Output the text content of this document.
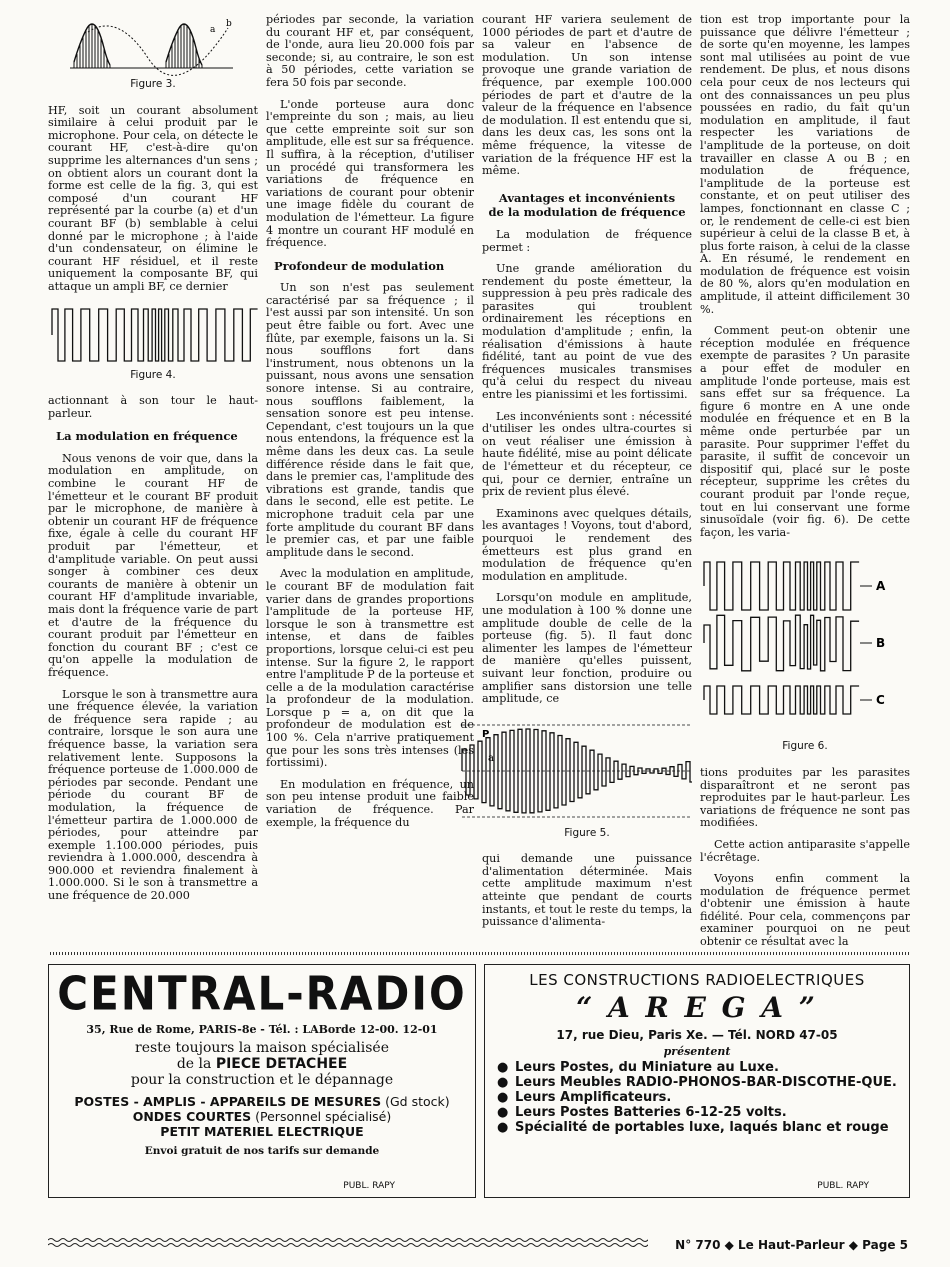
a
b
Figure 3.

HF, soit un courant absolument similaire à celui produit par le microphone. Pour cela, on détecte le courant HF, c'est-à-dire qu'on supprime les alternances d'un sens ; on obtient alors un courant dont la forme est celle de la fig. 3, qui est composé d'un courant HF représenté par la courbe (a) et d'un courant BF (b) semblable à celui donné par le microphone ; à l'aide d'un condensateur, on élimine le courant HF résiduel, et il reste uniquement la composante BF, qui attaque un ampli BF, ce dernier

Figure 4.

actionnant à son tour le haut-parleur.

La modulation en fréquence

Nous venons de voir que, dans la modulation en amplitude, on combine le courant HF de l'émetteur et le courant BF produit par le microphone, de manière à obtenir un courant HF de fréquence fixe, égale à celle du courant HF produit par l'émetteur, et d'amplitude variable. On peut aussi songer à combiner ces deux courants de manière à obtenir un courant HF d'amplitude invariable, mais dont la fréquence varie de part et d'autre de la fréquence du courant produit par l'émetteur en fonction du courant BF ; c'est ce qu'on appelle la modulation de fréquence.

Lorsque le son à transmettre aura une fréquence élevée, la variation de fréquence sera rapide ; au contraire, lorsque le son aura une fréquence basse, la variation sera relativement lente. Supposons la fréquence porteuse de 1.000.000 de périodes par seconde. Pendant une période du courant BF de modulation, la fréquence de l'émetteur partira de 1.000.000 de périodes, pour atteindre par exemple 1.100.000 périodes, puis reviendra à 1.000.000, descendra à 900.000 et reviendra finalement à 1.000.000. Si le son à transmettre a une fréquence de 20.000

périodes par seconde, la variation du courant HF et, par conséquent, de l'onde, aura lieu 20.000 fois par seconde; si, au contraire, le son est à 50 périodes, cette variation se fera 50 fois par seconde.

L'onde porteuse aura donc l'empreinte du son ; mais, au lieu que cette empreinte soit sur son amplitude, elle est sur sa fréquence. Il suffira, à la réception, d'utiliser un procédé qui transformera les variations de fréquence en variations de courant pour obtenir une image fidèle du courant de modulation de l'émetteur. La figure 4 montre un courant HF modulé en fréquence.

Profondeur de modulation

Un son n'est pas seulement caractérisé par sa fréquence ; il l'est aussi par son intensité. Un son peut être faible ou fort. Avec une flûte, par exemple, faisons un la. Si nous soufflons fort dans l'instrument, nous obtenons un la puissant, nous avons une sensation sonore intense. Si au contraire, nous soufflons faiblement, la sensation sonore est peu intense. Cependant, c'est toujours un la que nous entendons, la fréquence est la même dans les deux cas. La seule différence réside dans le fait que, dans le premier cas, l'amplitude des vibrations est grande, tandis que dans le second, elle est petite. Le microphone traduit cela par une forte amplitude du courant BF dans le premier cas, et par une faible amplitude dans le second.

Avec la modulation en amplitude, le courant BF de modulation fait varier dans de grandes proportions l'amplitude de la porteuse HF, lorsque le son à transmettre est intense, et dans de faibles proportions, lorsque celui-ci est peu intense. Sur la figure 2, le rapport entre l'amplitude P de la porteuse et celle a de la modulation caractérise la profondeur de la modulation. Lorsque p = a, on dit que la profondeur de modulation est de 100 %. Cela n'arrive pratiquement que pour les sons très intenses (les fortissimi).

En modulation en fréquence, un son peu intense produit une faible variation de fréquence. Par exemple, la fréquence du

courant HF variera seulement de 1000 périodes de part et d'autre de sa valeur en l'absence de modulation. Un son intense provoque une grande variation de fréquence, par exemple 100.000 périodes de part et d'autre de la valeur de la fréquence en l'absence de modulation. Il est entendu que si, dans les deux cas, les sons ont la même fréquence, la vitesse de variation de la fréquence HF est la même.

Avantages et inconvénients
de la modulation de fréquence

La modulation de fréquence permet :

Une grande amélioration du rendement du poste émetteur, la suppression à peu près radicale des parasites qui troublent ordinairement les réceptions en modulation d'amplitude ; enfin, la réalisation d'émissions à haute fidélité, tant au point de vue des fréquences musicales transmises qu'à celui du respect du niveau entre les pianissimi et les fortissimi.

Les inconvénients sont : nécessité d'utiliser les ondes ultra-courtes si on veut réaliser une émission à haute fidélité, mise au point délicate de l'émetteur et du récepteur, ce qui, pour ce dernier, entraîne un prix de revient plus élevé.

Examinons avec quelques détails, les avantages ! Voyons, tout d'abord, pourquoi le rendement des émetteurs est plus grand en modulation de fréquence qu'en modulation en amplitude.

Lorsqu'on module en amplitude, une modulation à 100 % donne une amplitude double de celle de la porteuse (fig. 5). Il faut donc alimenter les lampes de l'émetteur de manière qu'elles puissent, suivant leur fonction, produire ou amplifier sans distorsion une telle amplitude, ce

P
a
Figure 5.

qui demande une puissance d'alimentation déterminée. Mais cette amplitude maximum n'est atteinte que pendant de courts instants, et tout le reste du temps, la puissance d'alimenta-

tion est trop importante pour la puissance que délivre l'émetteur ; de sorte qu'en moyenne, les lampes sont mal utilisées au point de vue rendement. De plus, et nous disons cela pour ceux de nos lecteurs qui ont des connaissances un peu plus poussées en radio, du fait qu'un modulation en amplitude, il faut respecter les variations de l'amplitude de la porteuse, on doit travailler en classe A ou B ; en modulation de fréquence, l'amplitude de la porteuse est constante, et on peut utiliser des lampes, fonctionnant en classe C ; or, le rendement de celle-ci est bien supérieur à celui de la classe B et, à plus forte raison, à celui de la classe A. En résumé, le rendement en modulation de fréquence est voisin de 80 %, alors qu'en modulation en amplitude, il atteint difficilement 30 %.

Comment peut-on obtenir une réception modulée en fréquence exempte de parasites ? Un parasite a pour effet de moduler en amplitude l'onde porteuse, mais est sans effet sur sa fréquence. La figure 6 montre en A une onde modulée en fréquence et en B la même onde perturbée par un parasite. Pour supprimer l'effet du parasite, il suffit de concevoir un dispositif qui, placé sur le poste récepteur, supprime les crêtes du courant produit par l'onde reçue, tout en lui conservant une forme sinusoïdale (voir fig. 6). De cette façon, les varia-

A
B
C
Figure 6.

tions produites par les parasites disparaîtront et ne seront pas reproduites par le haut-parleur. Les variations de fréquence ne sont pas modifiées.

Cette action antiparasite s'appelle l'écrêtage.

Voyons enfin comment la modulation de fréquence permet d'obtenir une émission à haute fidélité. Pour cela, commençons par examiner pourquoi on ne peut obtenir ce résultat avec la

CENTRAL-RADIO
35, Rue de Rome, PARIS-8e - Tél. : LABorde 12-00. 12-01
reste toujours la maison spécialisée
de la PIECE DETACHEE
pour la construction et le dépannage
POSTES - AMPLIS - APPAREILS DE MESURES (Gd stock)
ONDES COURTES (Personnel spécialisé)
PETIT MATERIEL ELECTRIQUE
Envoi gratuit de nos tarifs sur demande
PUBL. RAPY
LES CONSTRUCTIONS RADIOELECTRIQUES
“ A R E G A ”
17, rue Dieu, Paris Xe. — Tél. NORD 47-05
présentent
● Leurs Postes, du Miniature au Luxe.
● Leurs Meubles RADIO-PHONOS-BAR-DISCOTHE-QUE.
● Leurs Amplificateurs.
● Leurs Postes Batteries 6-12-25 volts.
● Spécialité de portables luxe, laqués blanc et rouge
PUBL. RAPY
N° 770 ◆ Le Haut-Parleur ◆ Page 5
